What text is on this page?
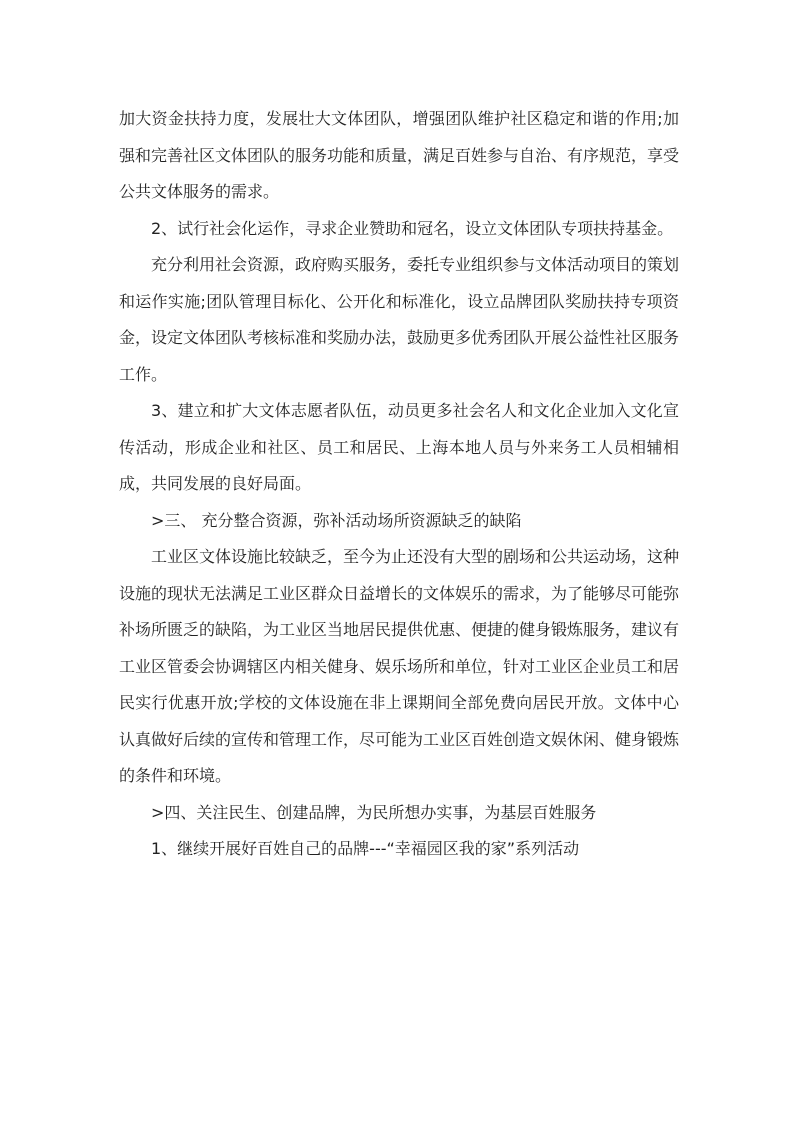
加大资金扶持力度，发展壮大文体团队，增强团队维护社区稳定和谐的作用;加强和完善社区文体团队的服务功能和质量，满足百姓参与自治、有序规范，享受公共文体服务的需求。

2、试行社会化运作，寻求企业赞助和冠名，设立文体团队专项扶持基金。

充分利用社会资源，政府购买服务，委托专业组织参与文体活动项目的策划和运作实施;团队管理目标化、公开化和标准化，设立品牌团队奖励扶持专项资金，设定文体团队考核标准和奖励办法，鼓励更多优秀团队开展公益性社区服务工作。

3、建立和扩大文体志愿者队伍，动员更多社会名人和文化企业加入文化宣传活动，形成企业和社区、员工和居民、上海本地人员与外来务工人员相辅相成，共同发展的良好局面。

>三、 充分整合资源，弥补活动场所资源缺乏的缺陷

工业区文体设施比较缺乏，至今为止还没有大型的剧场和公共运动场，这种设施的现状无法满足工业区群众日益增长的文体娱乐的需求，为了能够尽可能弥补场所匮乏的缺陷，为工业区当地居民提供优惠、便捷的健身锻炼服务，建议有工业区管委会协调辖区内相关健身、娱乐场所和单位，针对工业区企业员工和居民实行优惠开放;学校的文体设施在非上课期间全部免费向居民开放。文体中心认真做好后续的宣传和管理工作，尽可能为工业区百姓创造文娱休闲、健身锻炼的条件和环境。

>四、关注民生、创建品牌，为民所想办实事，为基层百姓服务

1、继续开展好百姓自己的品牌---“幸福园区我的家”系列活动
